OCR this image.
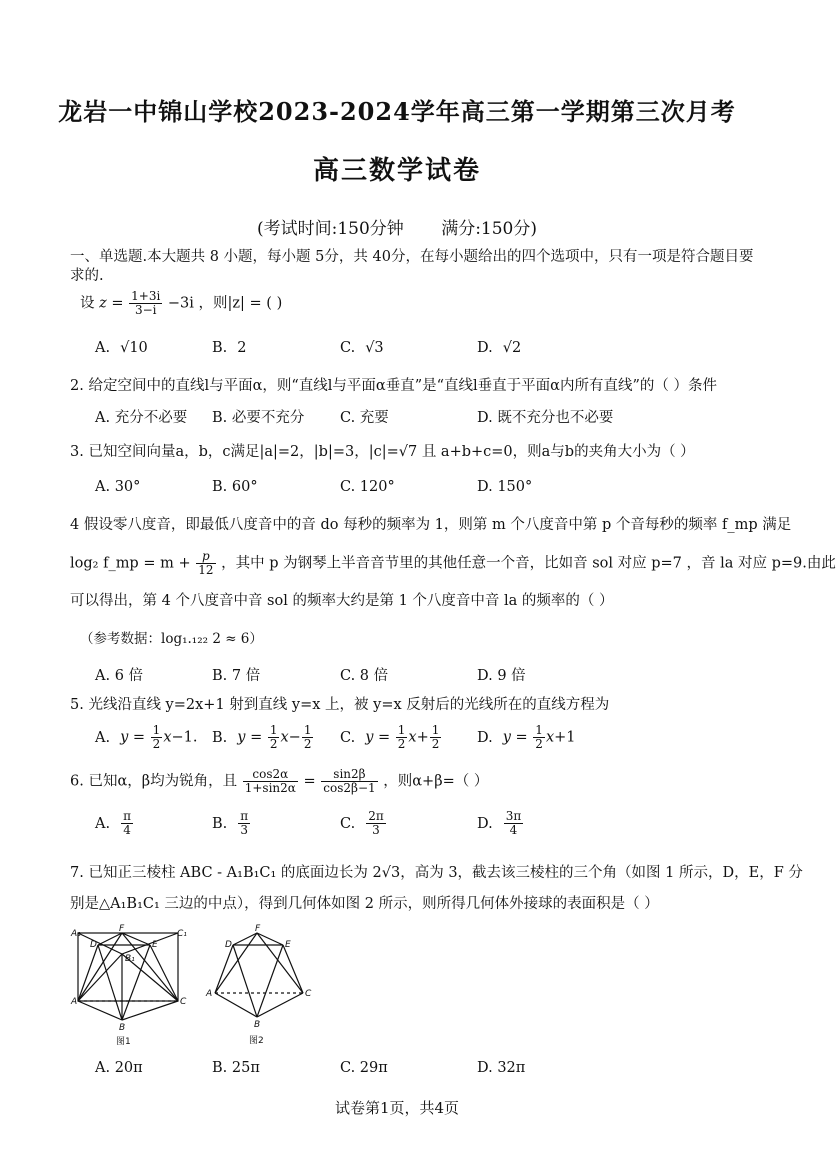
龙岩一中锦山学校2023-2024学年高三第一学期第三次月考
高三数学试卷
(考试时间:150分钟 满分:150分)
一、单选题.本大题共 8 小题，每小题 5分，共 40分，在每小题给出的四个选项中，只有一项是符合题目要
求的.
设 $z = \frac{1+3i}{3-i} -3i$ ，则|z| = ( )
A. √10	B. 2	C. √3	D. √2
2. 给定空间中的直线l与平面α，则“直线l与平面α垂直”是“直线l垂直于平面α内所有直线”的（ ）条件
A. 充分不必要 B. 必要不充分 C. 充要	D. 既不充分也不必要
3. 已知空间向量a，b，c满足|a|=2，|b|=3，|c|=√7 且 a+b+c=0，则a与b的夹角大小为（ ）
A. 30°	B. 60°	C. 120°	D. 150°
4 假设零八度音，即最低八度音中的音 do 每秒的频率为 1，则第 m 个八度音中第 p 个音每秒的频率 f_mp 满足
log₂ f_mp = $m + \frac{p}{12}$ ，其中 p 为钢琴上半音音节里的其他任意一个音，比如音 sol 对应 p=7 ，音 la 对应 p=9.由此
可以得出，第 4 个八度音中音 sol 的频率大约是第 1 个八度音中音 la 的频率的（ ）
（参考数据：log₁.₁₂₂ 2 ≈ 6）
A. 6 倍	B. 7 倍	C. 8 倍	D. 9 倍
5. 光线沿直线 y=2x+1 射到直线 y=x 上，被 y=x 反射后的光线所在的直线方程为
A. $y = \frac{1}{2} x-1$. B. $y = \frac{1}{2} x- \frac{1}{2} C$. $y = \frac{1}{2} x+ \frac{1}{2} D$. $y = \frac{1}{2} x+1$
6. 已知α，β均为锐角，且 $\frac{\cos 2\alpha}{1+\sin 2\alpha} = \frac{\sin 2\beta}{\cos 2\beta-1}$ ，则α+β=（ ）
A. $\frac{\pi}{4}$	B. $\frac{\pi}{3}$	C. $\frac{2\pi}{3}$	D. $\frac{3\pi}{4}$
7. 已知正三棱柱 ABC - A₁B₁C₁ 的底面边长为 2√3，高为 3，截去该三棱柱的三个角（如图 1 所示，D，E，F 分
别是△A₁B₁C₁ 三边的中点），得到几何体如图 2 所示，则所得几何体外接球的表面积是（ ）
A₁	F	C₁
D	E
B₁
A	C
B
图1
D
F
E
A	C
B
图2
A. 20π	B. 25π	C. 29π	D. 32π
试卷第1页，共4页
